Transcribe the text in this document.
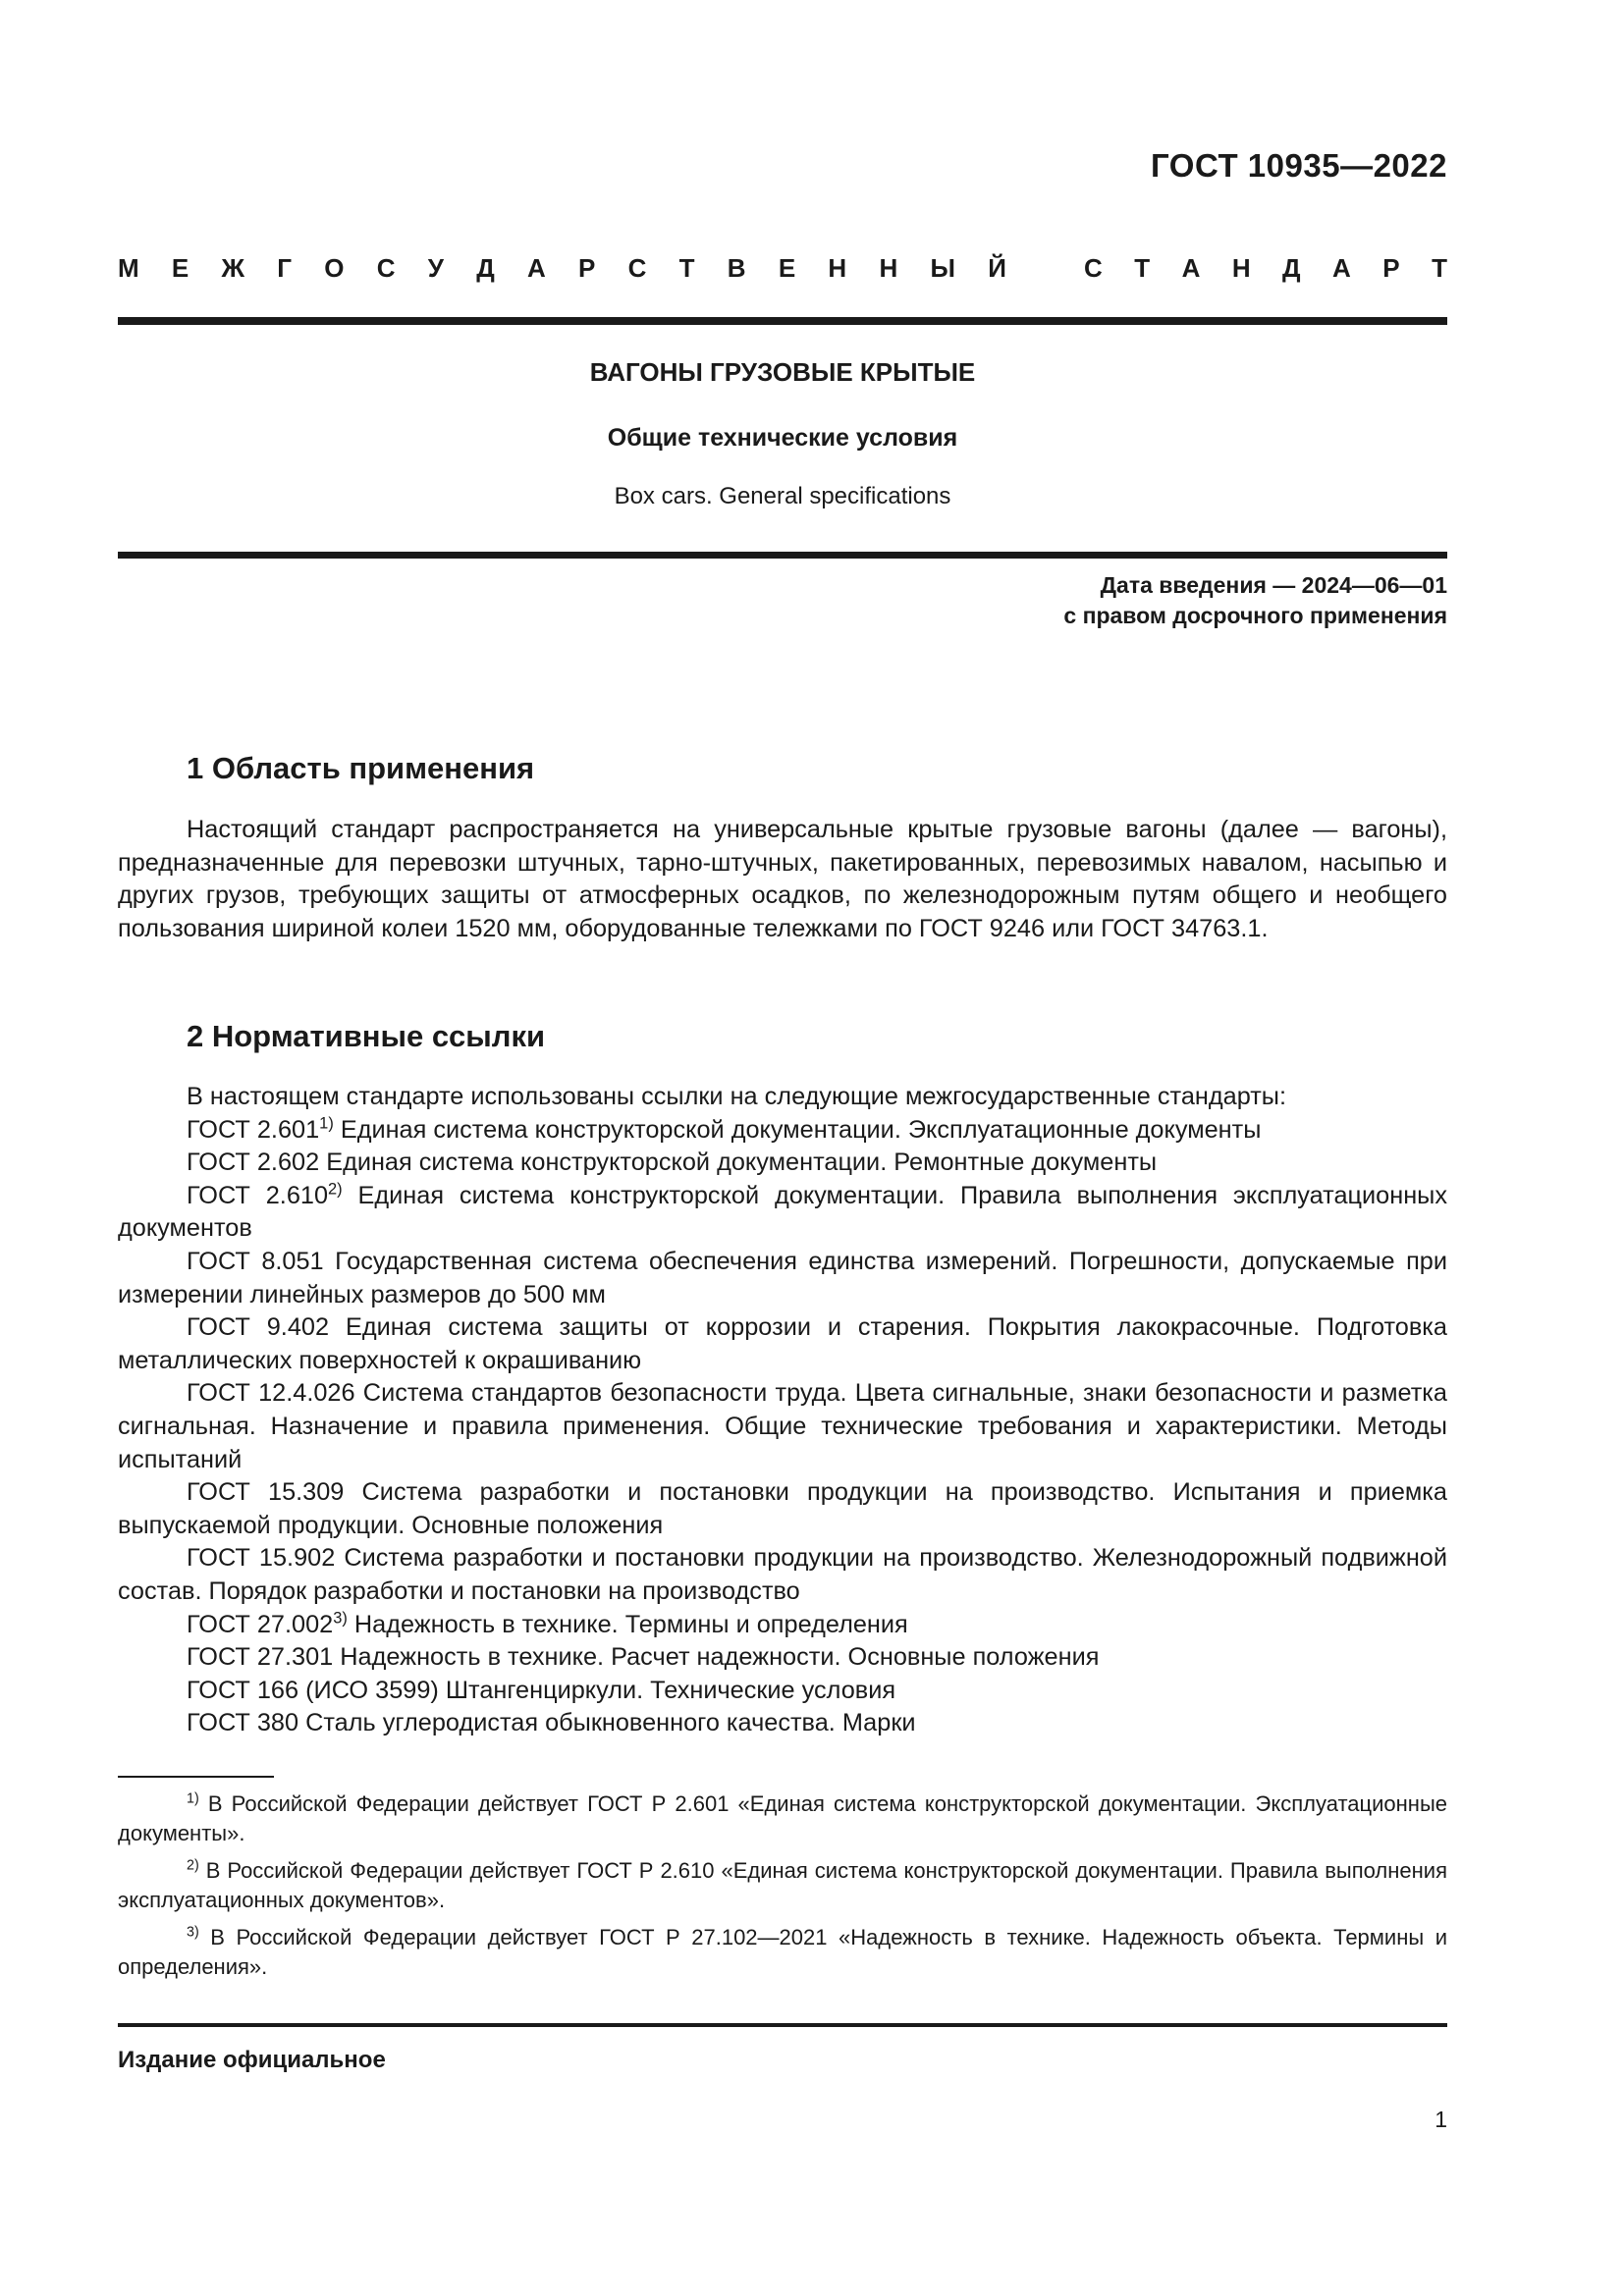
ГОСТ 10935—2022
М Е Ж Г О С У Д А Р С Т В Е Н Н Ы Й	С Т А Н Д А Р Т
ВАГОНЫ ГРУЗОВЫЕ КРЫТЫЕ
Общие технические условия
Box cars. General specifications
Дата введения — 2024—06—01
с правом досрочного применения
1 Область применения

Настоящий стандарт распространяется на универсальные крытые грузовые вагоны (далее — вагоны), предназначенные для перевозки штучных, тарно-штучных, пакетированных, перевозимых навалом, насыпью и других грузов, требующих защиты от атмосферных осадков, по железнодорожным путям общего и необщего пользования шириной колеи 1520 мм, оборудованные тележками по ГОСТ 9246 или ГОСТ 34763.1.

2 Нормативные ссылки

В настоящем стандарте использованы ссылки на следующие межгосударственные стандарты:

ГОСТ 2.601$^{1)}$ Единая система конструкторской документации. Эксплуатационные документы

ГОСТ 2.602 Единая система конструкторской документации. Ремонтные документы

ГОСТ 2.610$^{2)}$ Единая система конструкторской документации. Правила выполнения эксплуатационных документов

ГОСТ 8.051 Государственная система обеспечения единства измерений. Погрешности, допускаемые при измерении линейных размеров до 500 мм

ГОСТ 9.402 Единая система защиты от коррозии и старения. Покрытия лакокрасочные. Подготовка металлических поверхностей к окрашиванию

ГОСТ 12.4.026 Система стандартов безопасности труда. Цвета сигнальные, знаки безопасности и разметка сигнальная. Назначение и правила применения. Общие технические требования и характеристики. Методы испытаний

ГОСТ 15.309 Система разработки и постановки продукции на производство. Испытания и приемка выпускаемой продукции. Основные положения

ГОСТ 15.902 Система разработки и постановки продукции на производство. Железнодорожный подвижной состав. Порядок разработки и постановки на производство

ГОСТ 27.002$^{3)}$ Надежность в технике. Термины и определения

ГОСТ 27.301 Надежность в технике. Расчет надежности. Основные положения

ГОСТ 166 (ИСО 3599) Штангенциркули. Технические условия

ГОСТ 380 Сталь углеродистая обыкновенного качества. Марки

$^{1)}$ В Российской Федерации действует ГОСТ Р 2.601 «Единая система конструкторской документации. Эксплуатационные документы».

$^{2)}$ В Российской Федерации действует ГОСТ Р 2.610 «Единая система конструкторской документации. Правила выполнения эксплуатационных документов».

$^{3)}$ В Российской Федерации действует ГОСТ Р 27.102—2021 «Надежность в технике. Надежность объекта. Термины и определения».

Издание официальное
1
